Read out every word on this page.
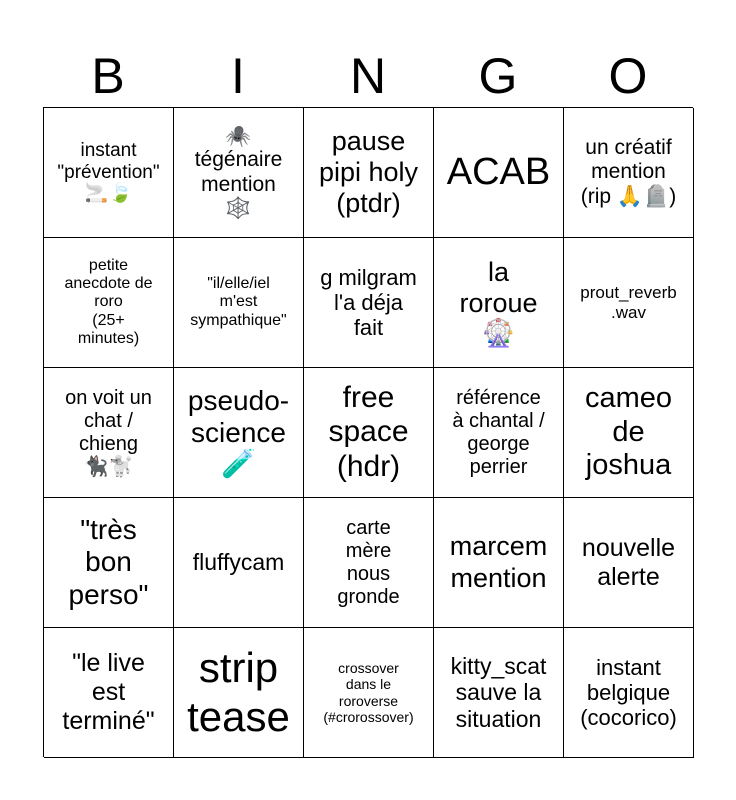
B	I	N	G	O
instant
"prévention"
🚬🍃
🕷️
tégénaire
mention
🕸️
pause
pipi holy
(ptdr)
ACAB
un créatif
mention
(rip 🙏🪦)
petite
anecdote de
roro
(25+
minutes)
"il/elle/iel
m'est
sympathique"
g milgram
l'a déja
fait
la
roroue
🎡
prout_reverb
.wav
on voit un
chat /
chieng
🐈‍⬛🐩
pseudo-
science
🧪
free
space
(hdr)
référence
à chantal /
george
perrier
cameo
de
joshua
"très
bon
perso"
fluffycam
carte
mère
nous
gronde
marcem
mention
nouvelle
alerte
"le live
est
terminé"
strip
tease
crossover
dans le
roroverse
(#crorossover)
kitty_scat
sauve la
situation
instant
belgique
(cocorico)
